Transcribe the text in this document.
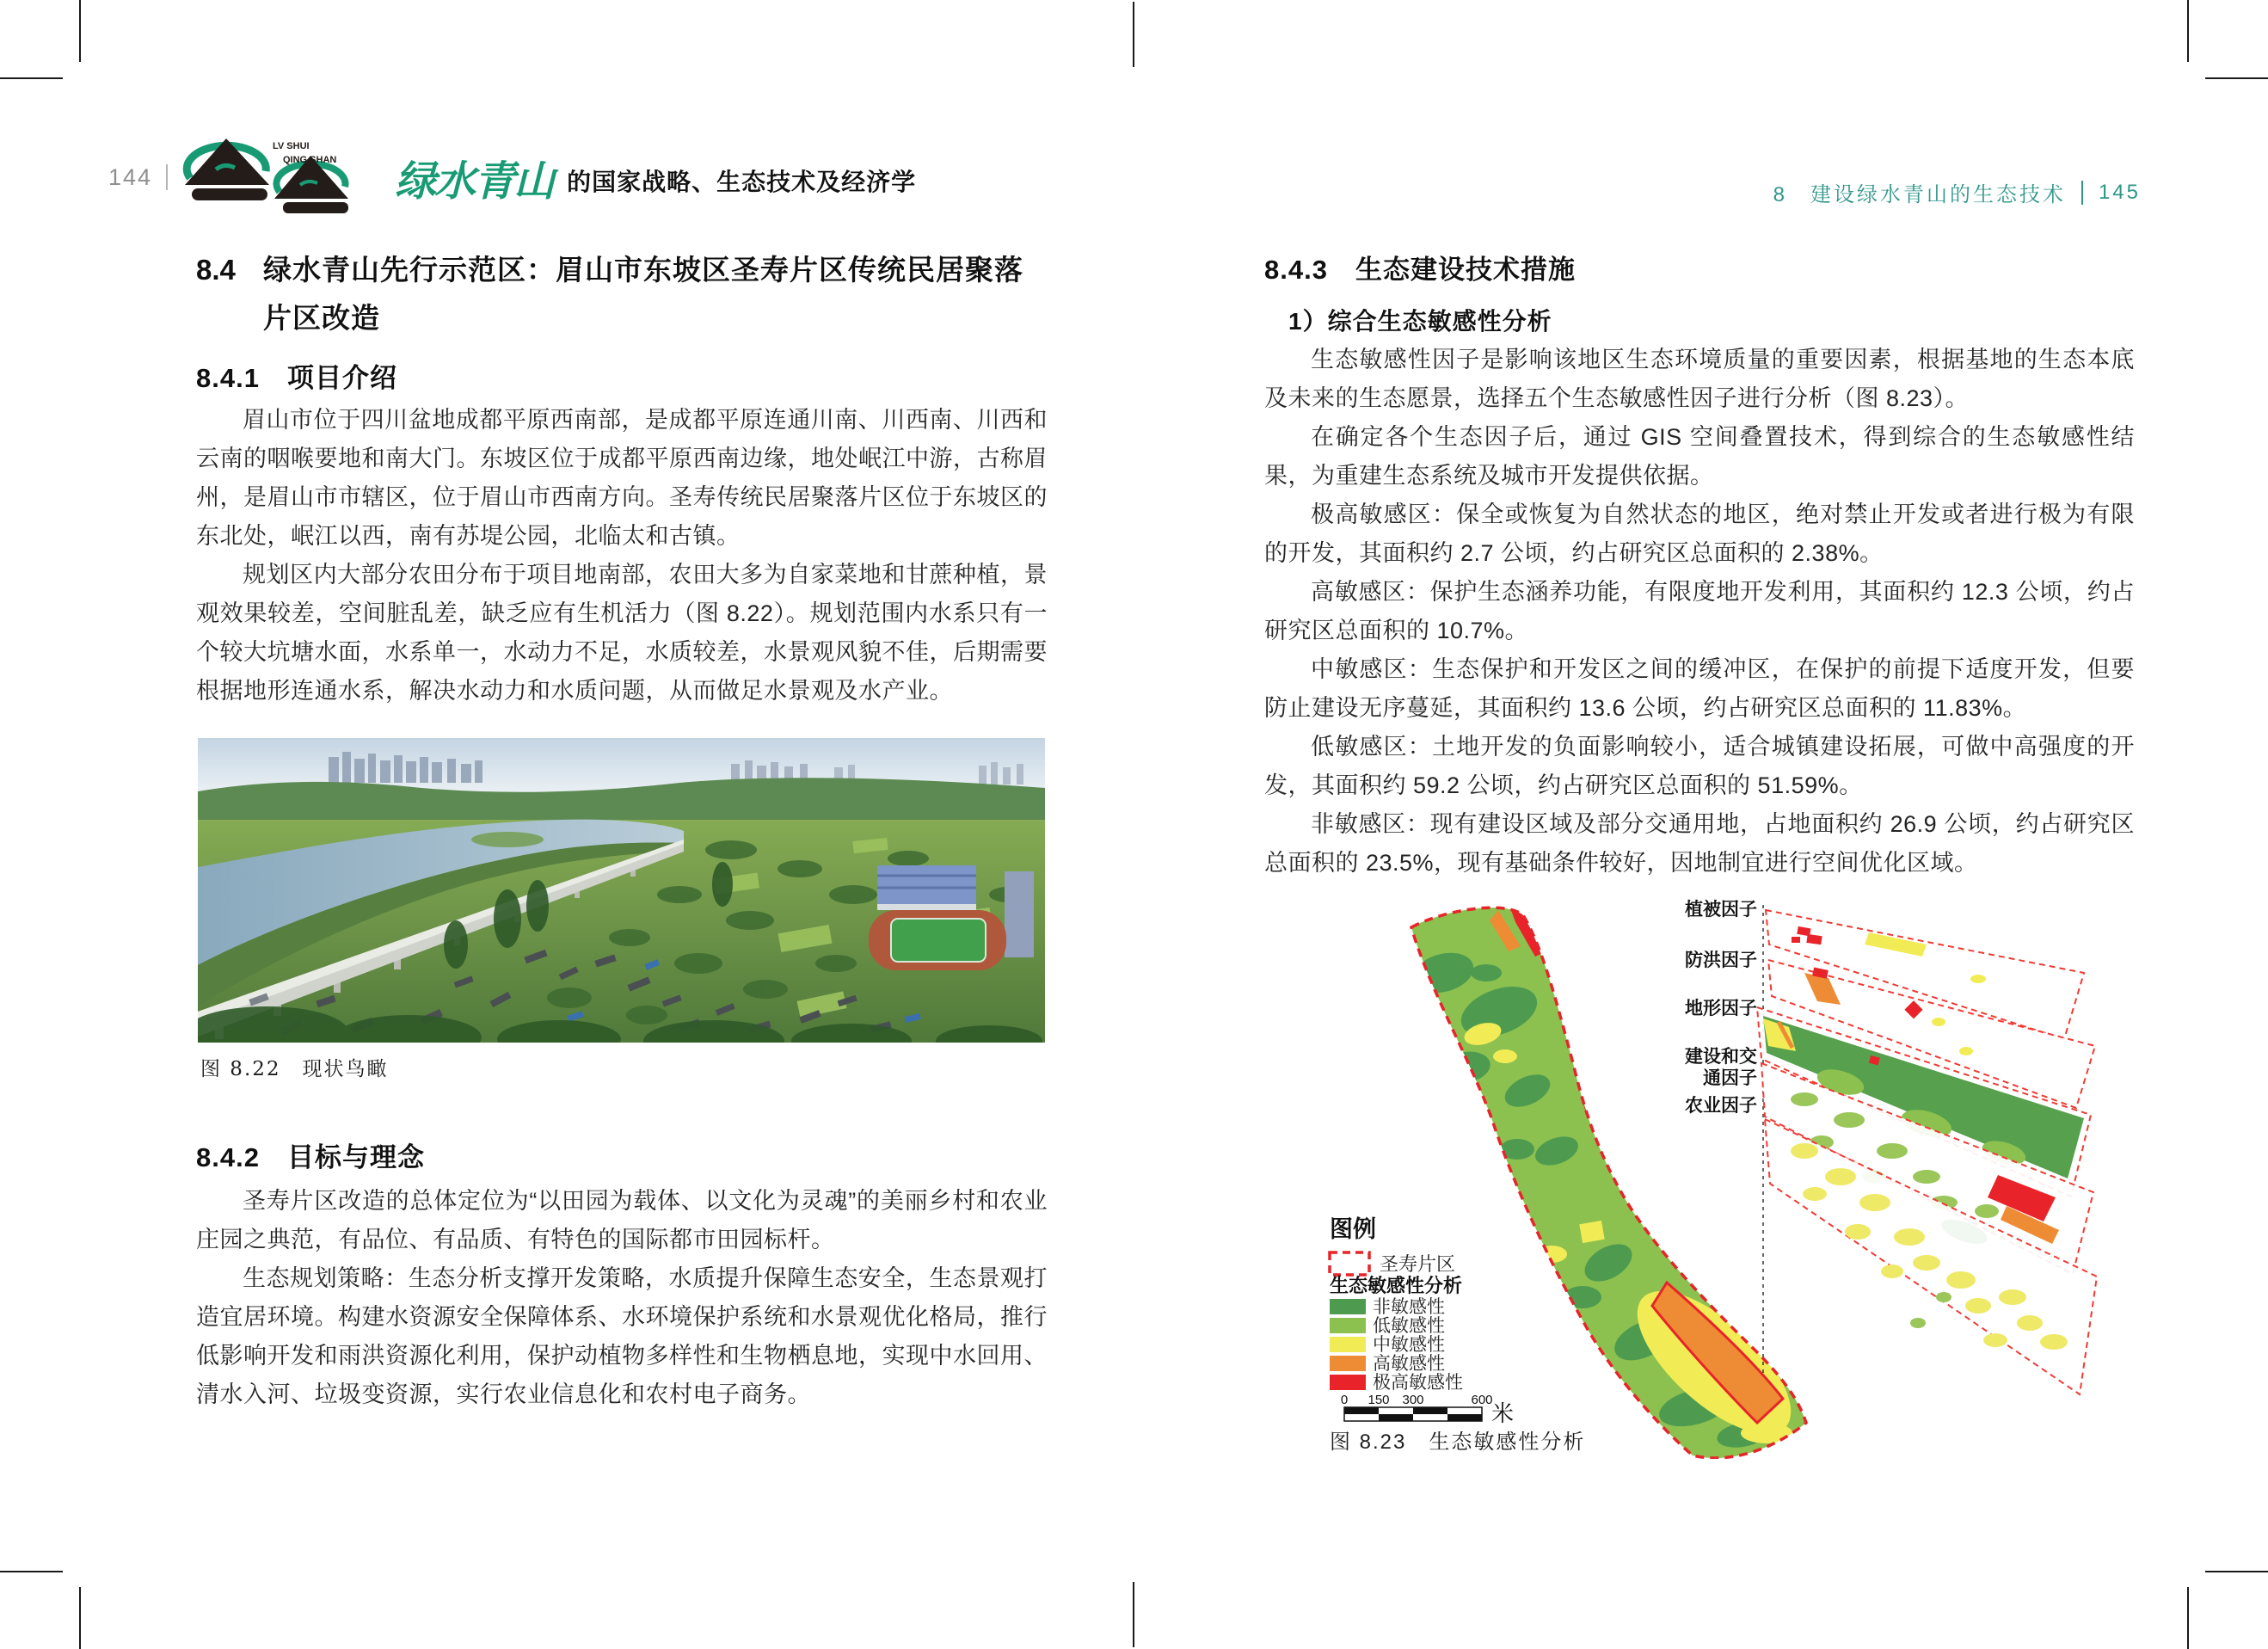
144
LV SHUI
QING SHAN 绿水青山 的国家战略、生态技术及经济学	8　建设绿水青山的生态技术 145
8.4 绿水青山先行示范区：眉山市东坡区圣寿片区传统民居聚落片区改造
8.4.1　项目介绍

眉山市位于四川盆地成都平原西南部，是成都平原连通川南、川西南、川西和云南的咽喉要地和南大门。东坡区位于成都平原西南边缘，地处岷江中游，古称眉州，是眉山市市辖区，位于眉山市西南方向。圣寿传统民居聚落片区位于东坡区的东北处，岷江以西，南有苏堤公园，北临太和古镇。

规划区内大部分农田分布于项目地南部，农田大多为自家菜地和甘蔗种植，景观效果较差，空间脏乱差，缺乏应有生机活力（图 8.22）。规划范围内水系只有一个较大坑塘水面，水系单一，水动力不足，水质较差，水景观风貌不佳，后期需要根据地形连通水系，解决水动力和水质问题，从而做足水景观及水产业。

图 8.22　现状鸟瞰
8.4.2　目标与理念

圣寿片区改造的总体定位为“以田园为载体、以文化为灵魂”的美丽乡村和农业庄园之典范，有品位、有品质、有特色的国际都市田园标杆。

生态规划策略：生态分析支撑开发策略，水质提升保障生态安全，生态景观打造宜居环境。构建水资源安全保障体系、水环境保护系统和水景观优化格局，推行低影响开发和雨洪资源化利用，保护动植物多样性和生物栖息地，实现中水回用、清水入河、垃圾变资源，实行农业信息化和农村电子商务。

8.4.3　生态建设技术措施
1）综合生态敏感性分析

生态敏感性因子是影响该地区生态环境质量的重要因素，根据基地的生态本底及未来的生态愿景，选择五个生态敏感性因子进行分析（图 8.23）。

在确定各个生态因子后，通过 GIS 空间叠置技术，得到综合的生态敏感性结果，为重建生态系统及城市开发提供依据。

极高敏感区：保全或恢复为自然状态的地区，绝对禁止开发或者进行极为有限的开发，其面积约 2.7 公顷，约占研究区总面积的 2.38%。

高敏感区：保护生态涵养功能，有限度地开发利用，其面积约 12.3 公顷，约占研究区总面积的 10.7%。

中敏感区：生态保护和开发区之间的缓冲区，在保护的前提下适度开发，但要防止建设无序蔓延，其面积约 13.6 公顷，约占研究区总面积的 11.83%。

低敏感区：土地开发的负面影响较小，适合城镇建设拓展，可做中高强度的开发，其面积约 59.2 公顷，约占研究区总面积的 51.59%。

非敏感区：现有建设区域及部分交通用地，占地面积约 26.9 公顷，约占研究区总面积的 23.5%，现有基础条件较好，因地制宜进行空间优化区域。

植被因子
防洪因子
地形因子
建设和交
通因子
农业因子
图例
圣寿片区
生态敏感性分析
非敏感性
低敏感性
中敏感性
高敏感性
极高敏感性
0 150 300	600
米
图 8.23　生态敏感性分析
